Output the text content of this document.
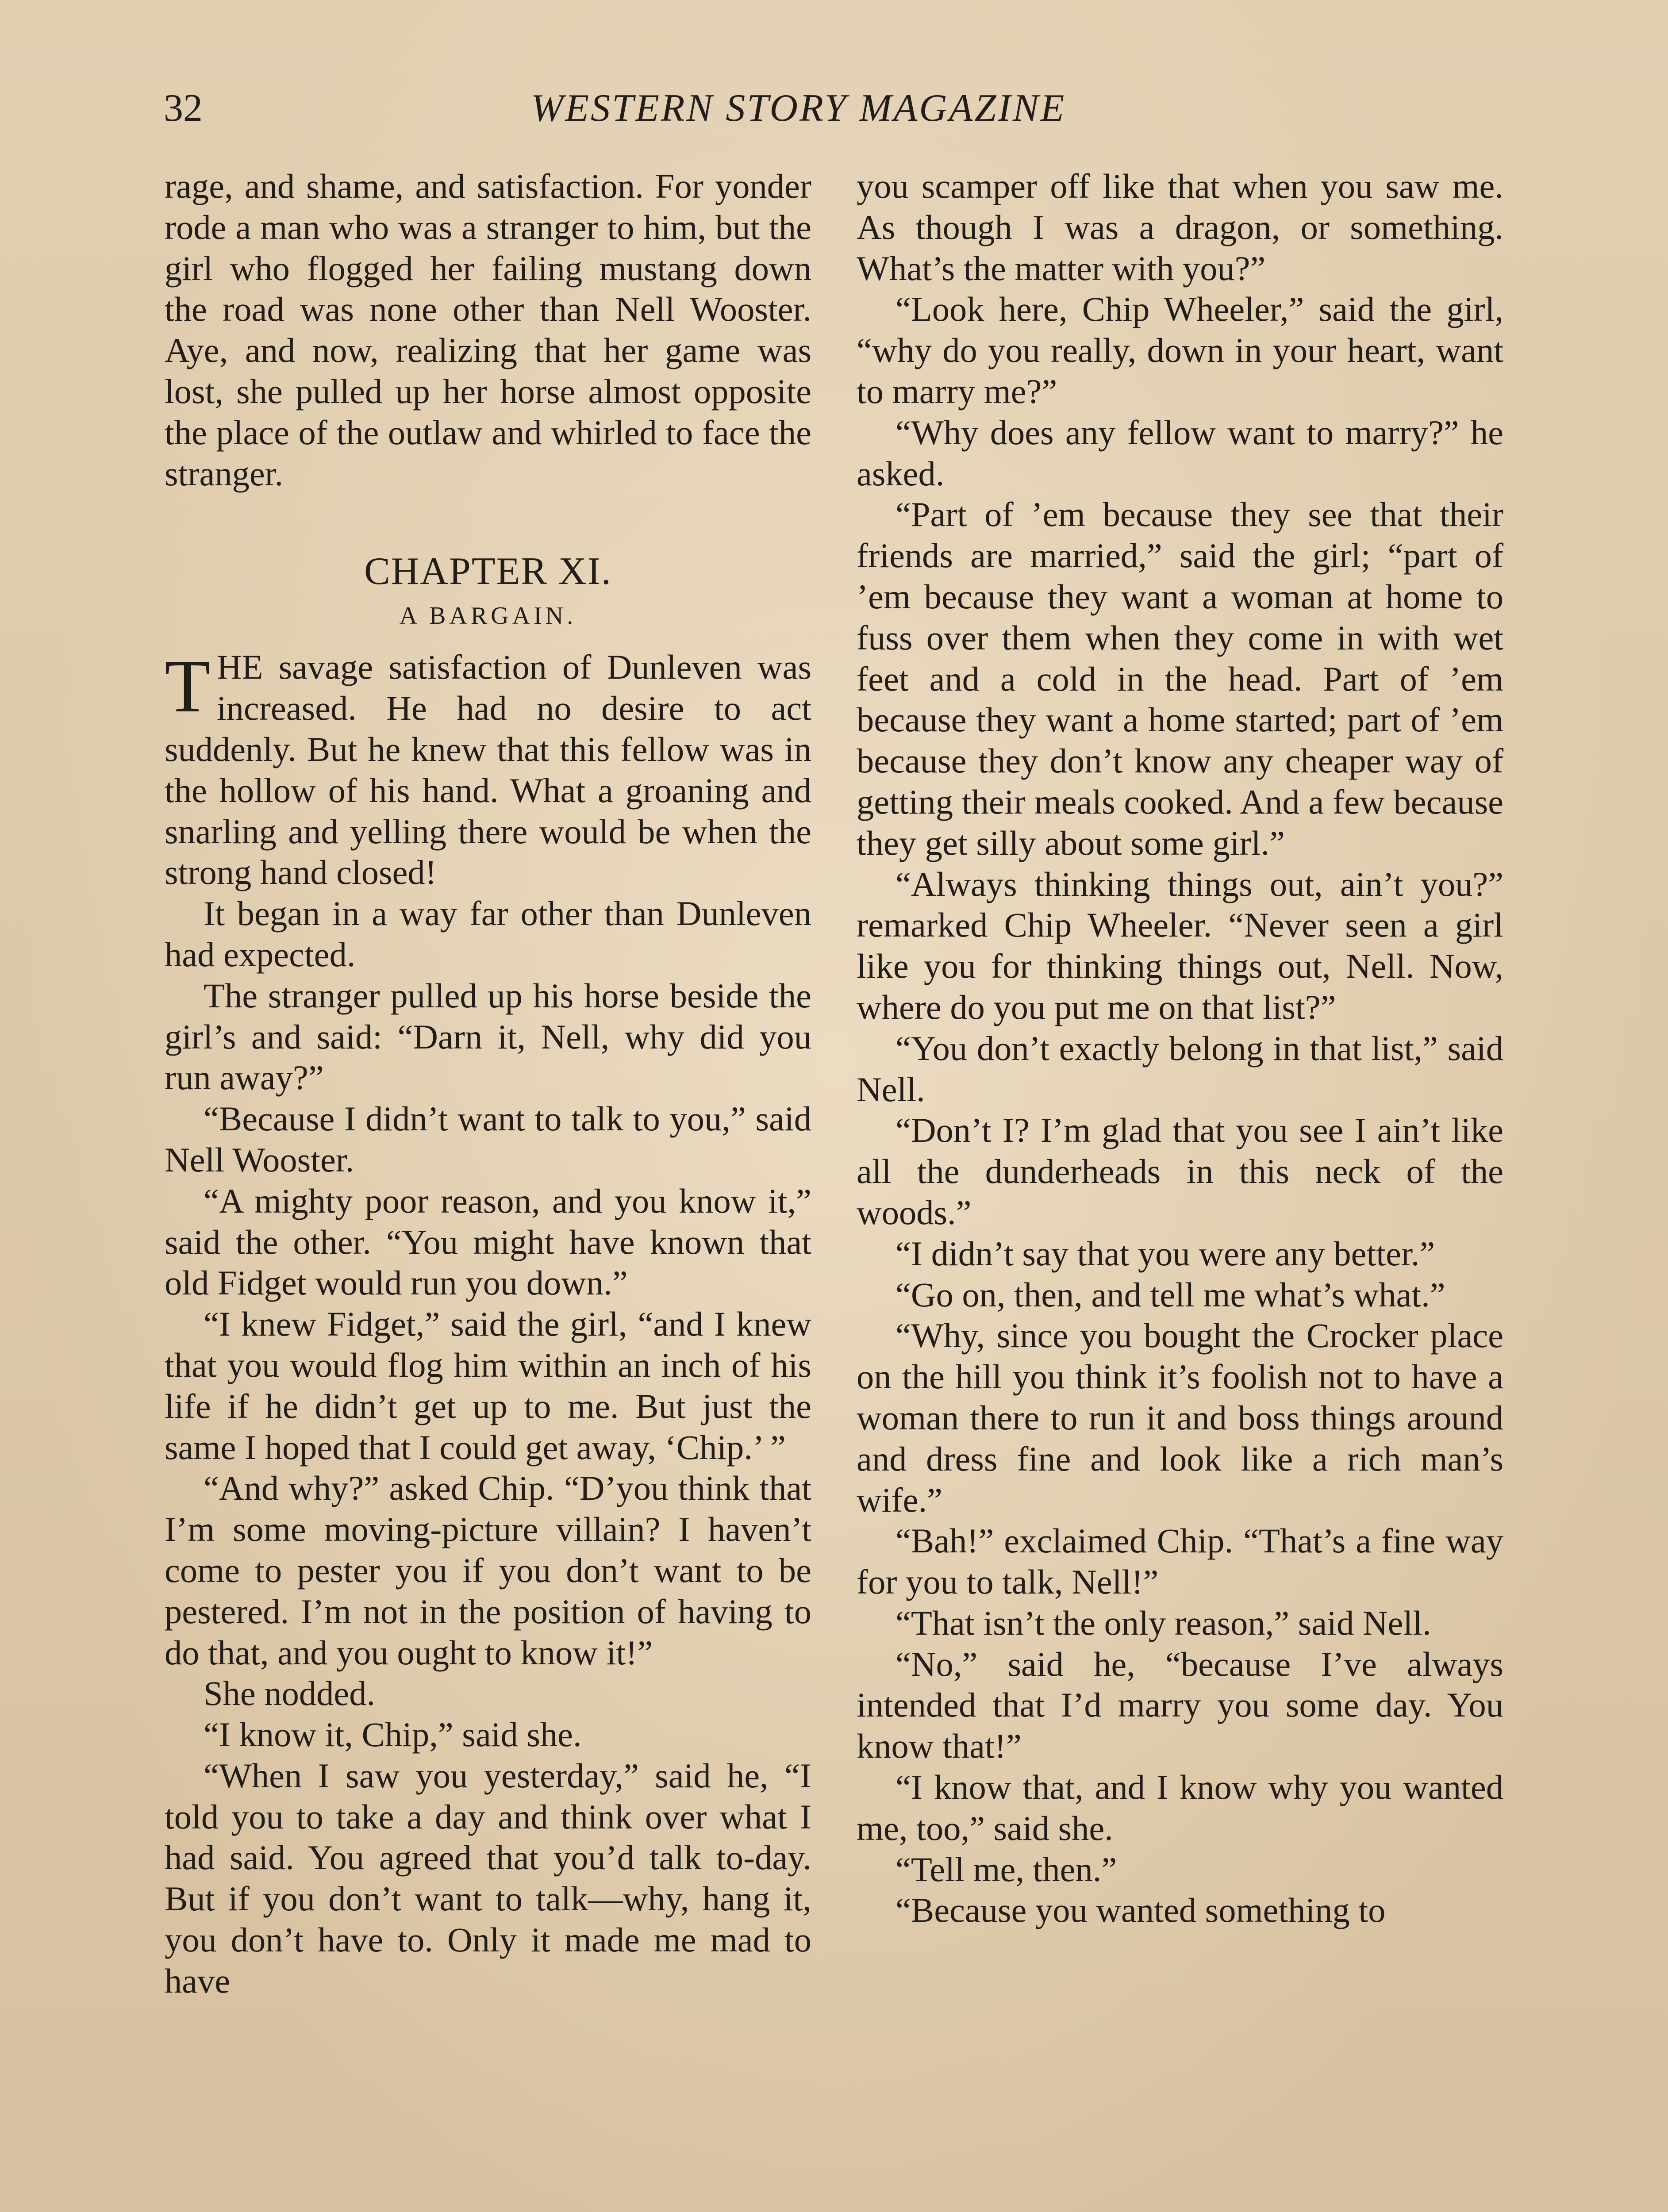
32	WESTERN STORY MAGAZINE

rage, and shame, and satisfaction. For yonder rode a man who was a stranger to him, but the girl who flogged her failing mustang down the road was none other than Nell Wooster. Aye, and now, realizing that her game was lost, she pulled up her horse almost opposite the place of the outlaw and whirled to face the stranger.

CHAPTER XI.
A BARGAIN.

THE savage satisfaction of Dunleven was increased. He had no desire to act suddenly. But he knew that this fellow was in the hollow of his hand. What a groaning and snarling and yelling there would be when the strong hand closed!

It began in a way far other than Dunleven had expected.

The stranger pulled up his horse beside the girl’s and said: “Darn it, Nell, why did you run away?”

“Because I didn’t want to talk to you,” said Nell Wooster.

“A mighty poor reason, and you know it,” said the other. “You might have known that old Fidget would run you down.”

“I knew Fidget,” said the girl, “and I knew that you would flog him within an inch of his life if he didn’t get up to me. But just the same I hoped that I could get away, ‘Chip.’ ”

“And why?” asked Chip. “D’you think that I’m some moving-picture villain? I haven’t come to pester you if you don’t want to be pestered. I’m not in the position of having to do that, and you ought to know it!”

She nodded.

“I know it, Chip,” said she.

“When I saw you yesterday,” said he, “I told you to take a day and think over what I had said. You agreed that you’d talk to-day. But if you don’t want to talk—why, hang it, you don’t have to. Only it made me mad to have

you scamper off like that when you saw me. As though I was a dragon, or something. What’s the matter with you?”

“Look here, Chip Wheeler,” said the girl, “why do you really, down in your heart, want to marry me?”

“Why does any fellow want to marry?” he asked.

“Part of ’em because they see that their friends are married,” said the girl; “part of ’em because they want a woman at home to fuss over them when they come in with wet feet and a cold in the head. Part of ’em because they want a home started; part of ’em because they don’t know any cheaper way of getting their meals cooked. And a few because they get silly about some girl.”

“Always thinking things out, ain’t you?” remarked Chip Wheeler. “Never seen a girl like you for thinking things out, Nell. Now, where do you put me on that list?”

“You don’t exactly belong in that list,” said Nell.

“Don’t I? I’m glad that you see I ain’t like all the dunderheads in this neck of the woods.”

“I didn’t say that you were any better.”

“Go on, then, and tell me what’s what.”

“Why, since you bought the Crocker place on the hill you think it’s foolish not to have a woman there to run it and boss things around and dress fine and look like a rich man’s wife.”

“Bah!” exclaimed Chip. “That’s a fine way for you to talk, Nell!”

“That isn’t the only reason,” said Nell.

“No,” said he, “because I’ve always intended that I’d marry you some day. You know that!”

“I know that, and I know why you wanted me, too,” said she.

“Tell me, then.”

“Because you wanted something to
